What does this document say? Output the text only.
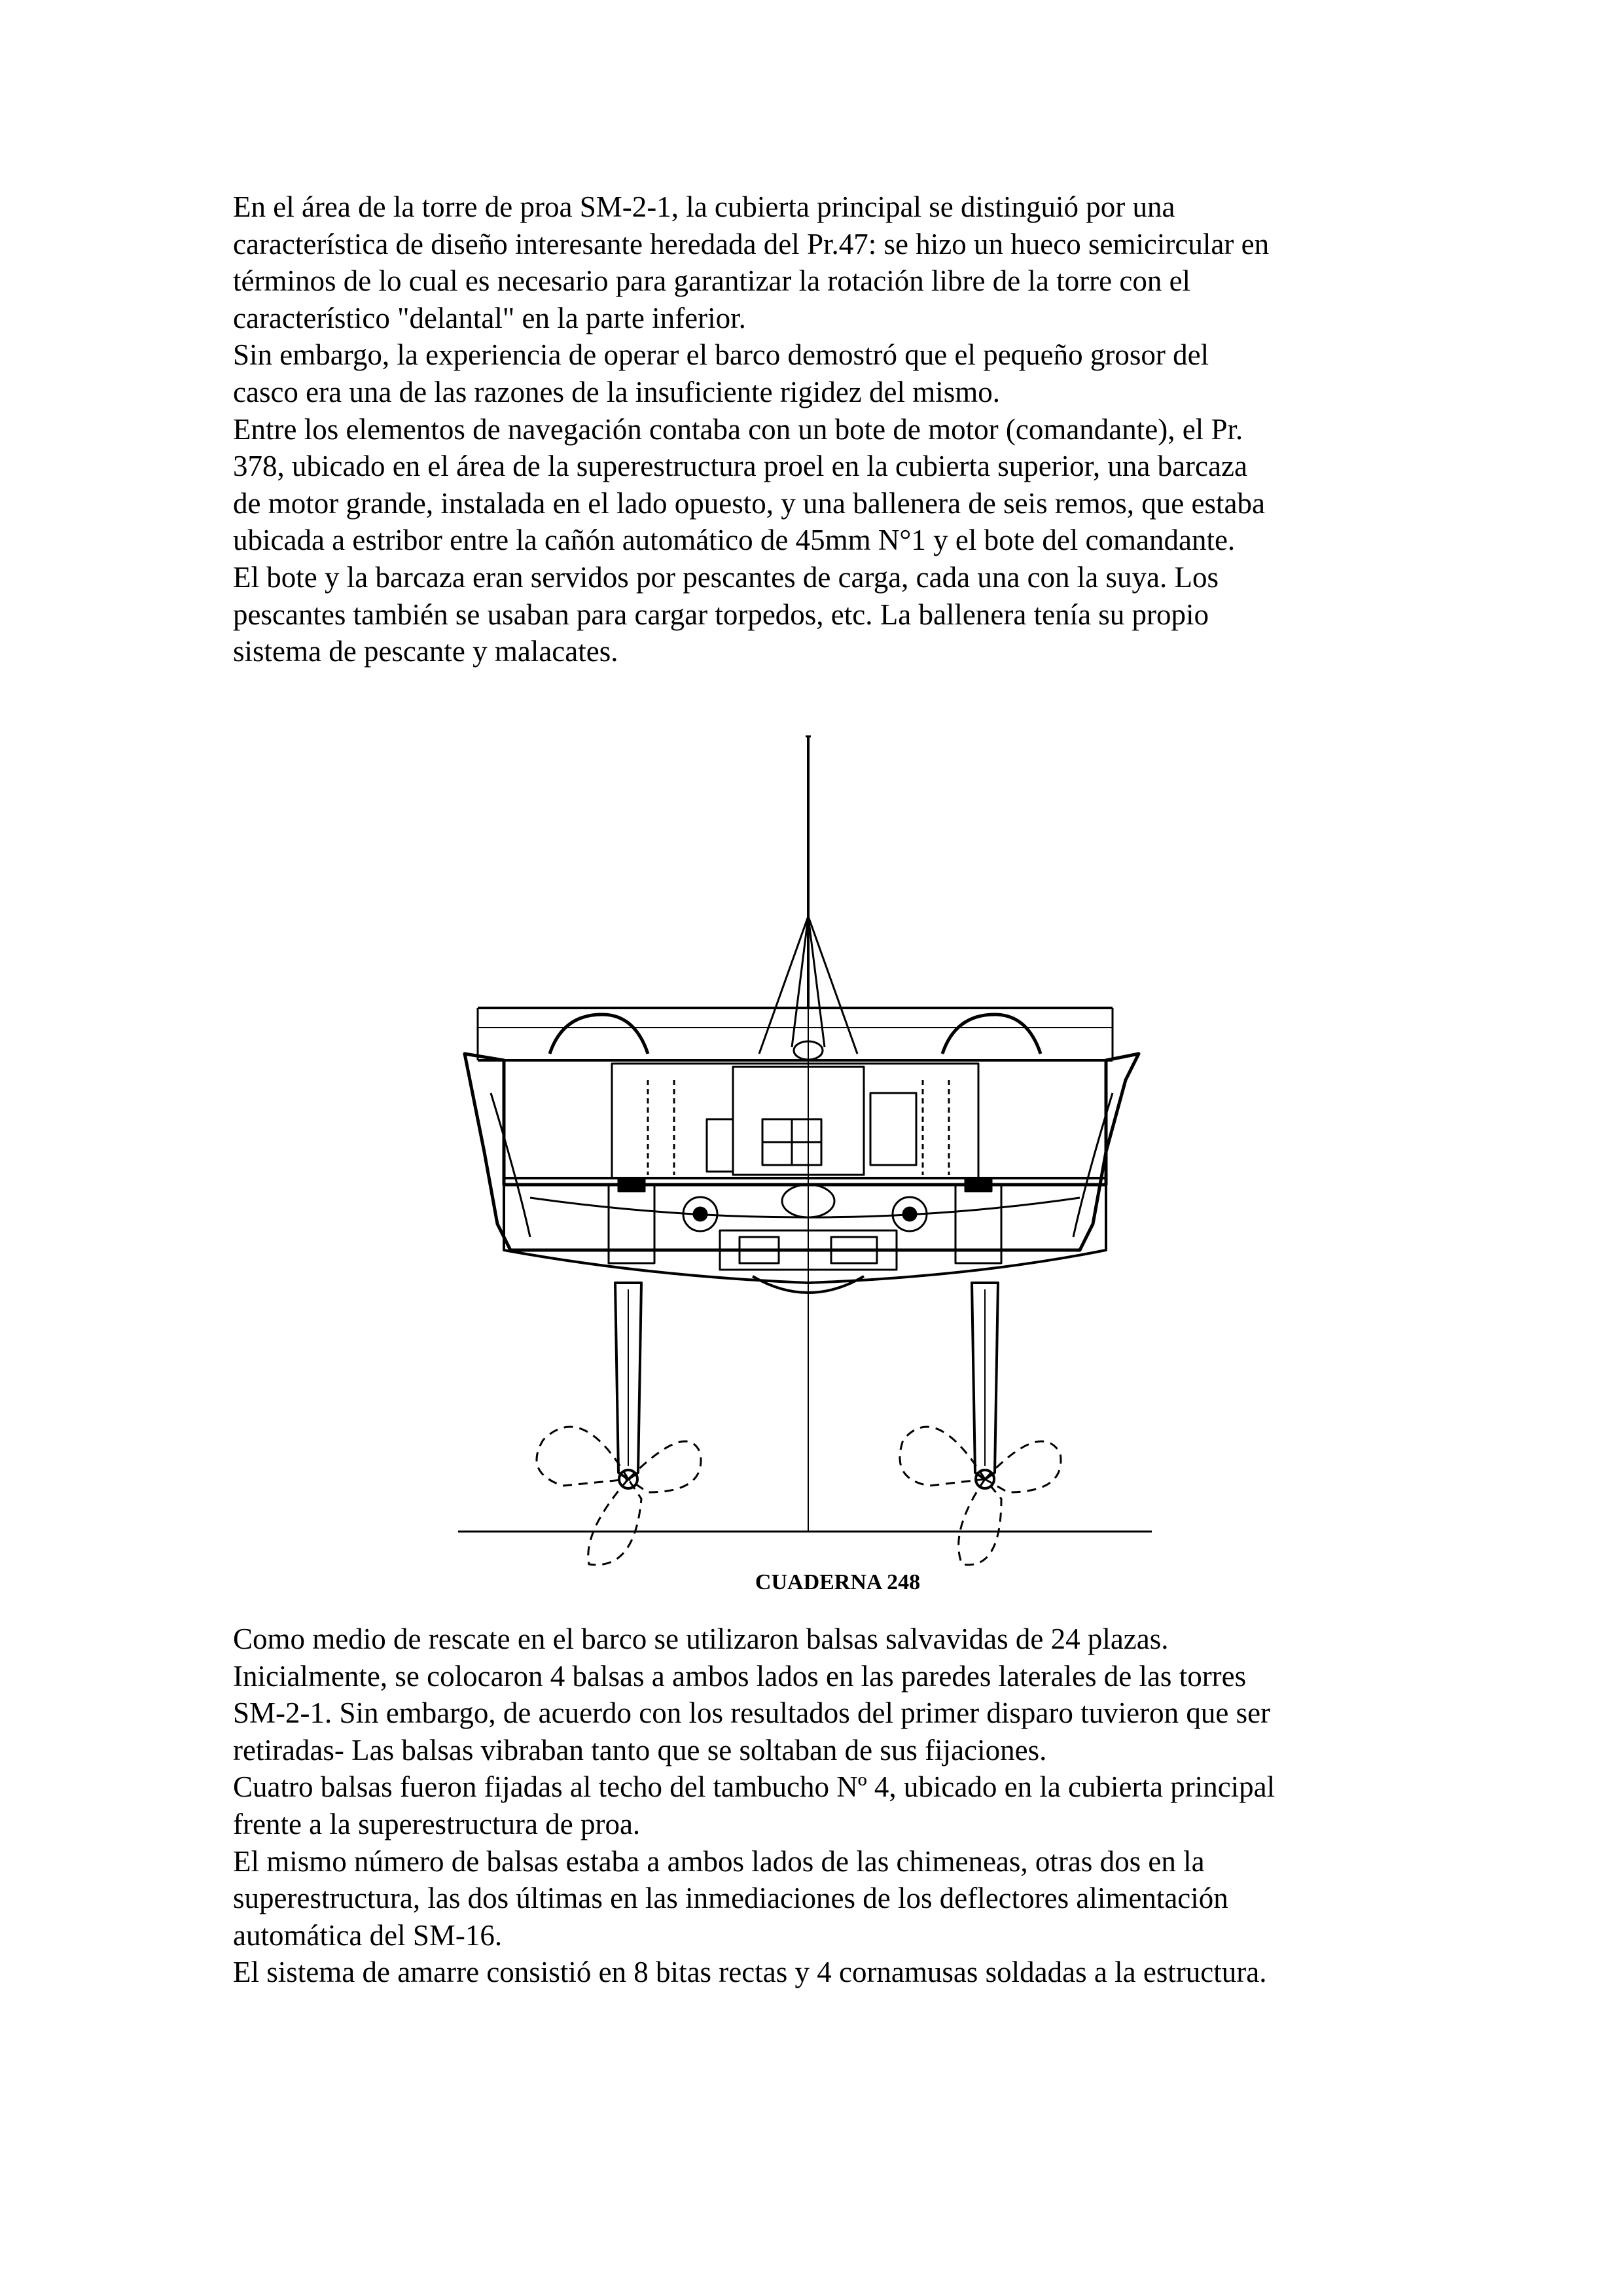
En el área de la torre de proa SM-2-1, la cubierta principal se distinguió por una
característica de diseño interesante heredada del Pr.47: se hizo un hueco semicircular en
términos de lo cual es necesario para garantizar la rotación libre de la torre con el
característico "delantal" en la parte inferior.
Sin embargo, la experiencia de operar el barco demostró que el pequeño grosor del
casco era una de las razones de la insuficiente rigidez del mismo.
Entre los elementos de navegación contaba con un bote de motor (comandante), el Pr.
378, ubicado en el área de la superestructura proel en la cubierta superior, una barcaza
de motor grande, instalada en el lado opuesto, y una ballenera de seis remos, que estaba
ubicada a estribor entre la cañón automático de 45mm N°1 y el bote del comandante.
El bote y la barcaza eran servidos por pescantes de carga, cada una con la suya. Los
pescantes también se usaban para cargar torpedos, etc. La ballenera tenía su propio
sistema de pescante y malacates.
CUADERNA 248
Como medio de rescate en el barco se utilizaron balsas salvavidas de 24 plazas.
Inicialmente, se colocaron 4 balsas a ambos lados en las paredes laterales de las torres
SM-2-1. Sin embargo, de acuerdo con los resultados del primer disparo tuvieron que ser
retiradas- Las balsas vibraban tanto que se soltaban de sus fijaciones.
Cuatro balsas fueron fijadas al techo del tambucho Nº 4, ubicado en la cubierta principal
frente a la superestructura de proa.
El mismo número de balsas estaba a ambos lados de las chimeneas, otras dos en la
superestructura, las dos últimas en las inmediaciones de los deflectores alimentación
automática del SM-16.
El sistema de amarre consistió en 8 bitas rectas y 4 cornamusas soldadas a la estructura.
